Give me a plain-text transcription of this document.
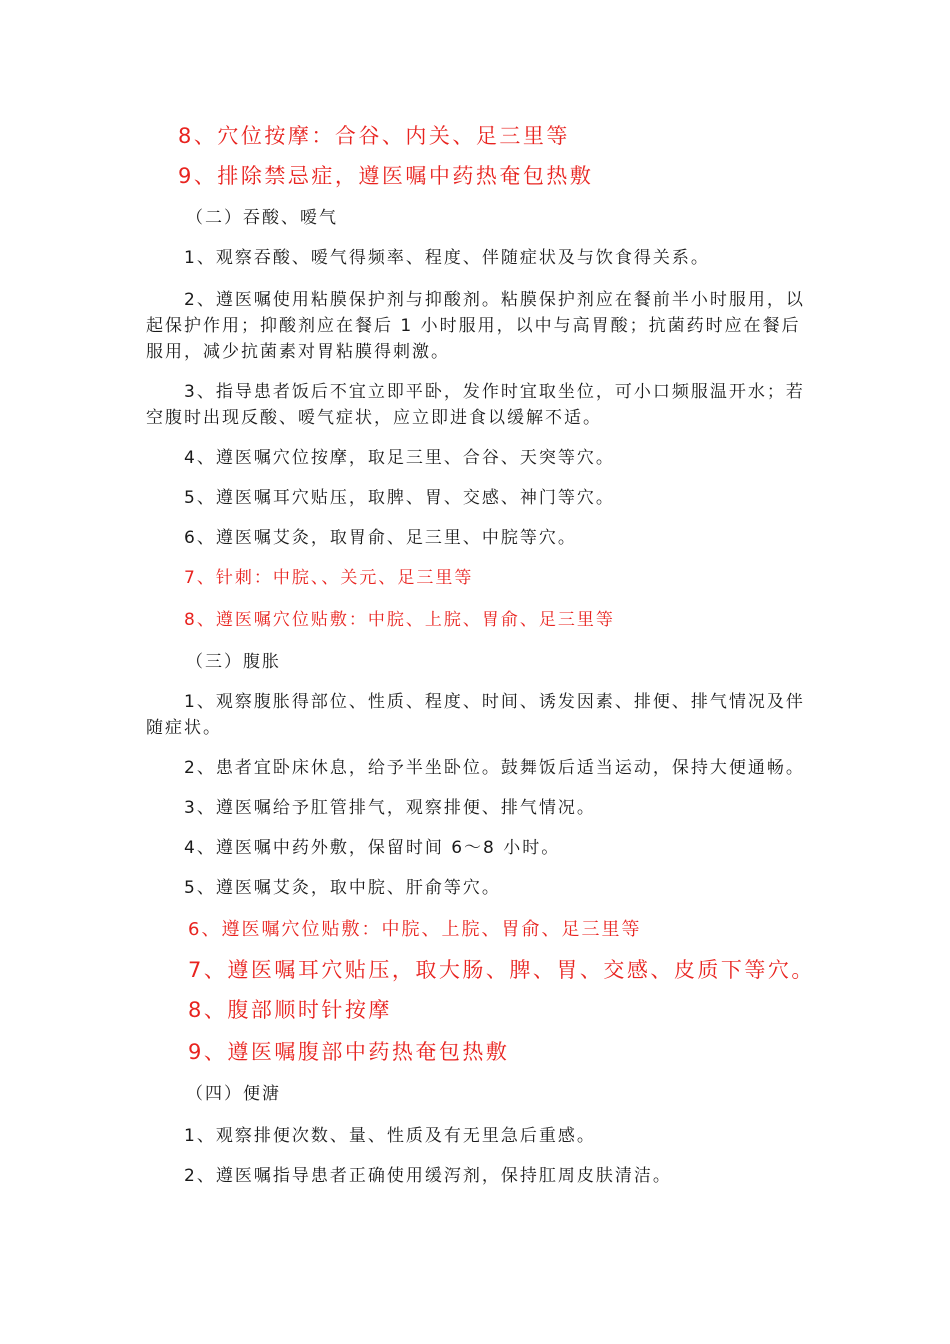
8、穴位按摩：合谷、内关、足三里等
9、排除禁忌症，遵医嘱中药热奄包热敷
（二）吞酸、嗳气
1、观察吞酸、嗳气得频率、程度、伴随症状及与饮食得关系。
2、遵医嘱使用粘膜保护剂与抑酸剂。粘膜保护剂应在餐前半小时服用，以
起保护作用；抑酸剂应在餐后 1 小时服用，以中与高胃酸；抗菌药时应在餐后
服用，减少抗菌素对胃粘膜得刺激。
3、指导患者饭后不宜立即平卧，发作时宜取坐位，可小口频服温开水；若
空腹时出现反酸、嗳气症状，应立即进食以缓解不适。
4、遵医嘱穴位按摩，取足三里、合谷、天突等穴。
5、遵医嘱耳穴贴压，取脾、胃、交感、神门等穴。
6、遵医嘱艾灸，取胃俞、足三里、中脘等穴。
7、针刺：中脘、、关元、足三里等
8、遵医嘱穴位贴敷：中脘、上脘、胃俞、足三里等
（三）腹胀
1、观察腹胀得部位、性质、程度、时间、诱发因素、排便、排气情况及伴
随症状。
2、患者宜卧床休息，给予半坐卧位。鼓舞饭后适当运动，保持大便通畅。
3、遵医嘱给予肛管排气，观察排便、排气情况。
4、遵医嘱中药外敷，保留时间 6～8 小时。
5、遵医嘱艾灸，取中脘、肝俞等穴。
6、遵医嘱穴位贴敷：中脘、上脘、胃俞、足三里等
7、遵医嘱耳穴贴压，取大肠、脾、胃、交感、皮质下等穴。
8、腹部顺时针按摩
9、遵医嘱腹部中药热奄包热敷
（四）便溏
1、观察排便次数、量、性质及有无里急后重感。
2、遵医嘱指导患者正确使用缓泻剂，保持肛周皮肤清洁。
